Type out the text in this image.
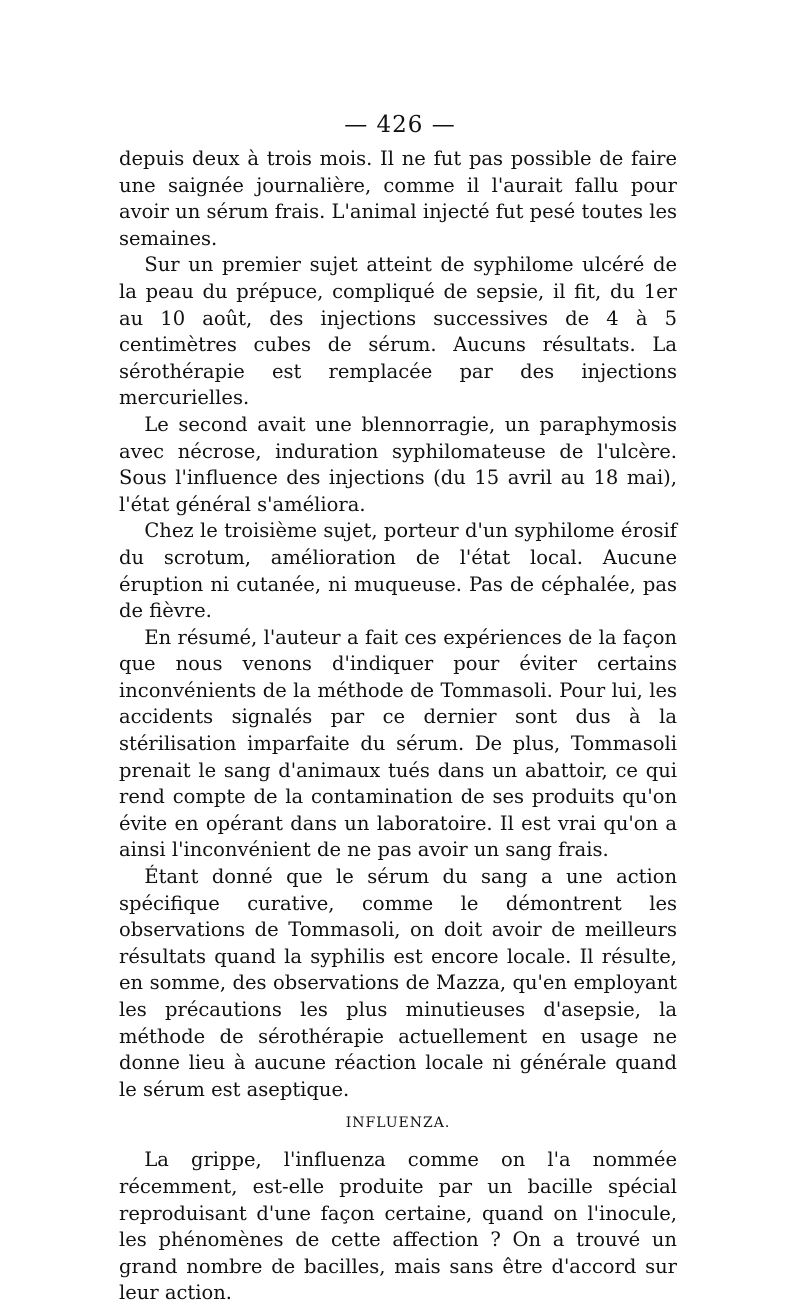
— 426 —

depuis deux à trois mois. Il ne fut pas possible de faire une saignée journalière, comme il l'aurait fallu pour avoir un sérum frais. L'animal injecté fut pesé toutes les semaines.

Sur un premier sujet atteint de syphilome ulcéré de la peau du prépuce, compliqué de sepsie, il fit, du 1er au 10 août, des injections successives de 4 à 5 centimètres cubes de sérum. Aucuns résultats. La sérothérapie est remplacée par des injections mercurielles.

Le second avait une blennorragie, un paraphymosis avec nécrose, induration syphilomateuse de l'ulcère. Sous l'influence des injections (du 15 avril au 18 mai), l'état général s'améliora.

Chez le troisième sujet, porteur d'un syphilome érosif du scrotum, amélioration de l'état local. Aucune éruption ni cutanée, ni muqueuse. Pas de céphalée, pas de fièvre.

En résumé, l'auteur a fait ces expériences de la façon que nous venons d'indiquer pour éviter certains inconvénients de la méthode de Tommasoli. Pour lui, les accidents signalés par ce dernier sont dus à la stérilisation imparfaite du sérum. De plus, Tommasoli prenait le sang d'animaux tués dans un abattoir, ce qui rend compte de la contamination de ses produits qu'on évite en opérant dans un laboratoire. Il est vrai qu'on a ainsi l'inconvénient de ne pas avoir un sang frais.

Étant donné que le sérum du sang a une action spécifique curative, comme le démontrent les observations de Tommasoli, on doit avoir de meilleurs résultats quand la syphilis est encore locale. Il résulte, en somme, des observations de Mazza, qu'en employant les précautions les plus minutieuses d'asepsie, la méthode de sérothérapie actuellement en usage ne donne lieu à aucune réaction locale ni générale quand le sérum est aseptique.

INFLUENZA.

La grippe, l'influenza comme on l'a nommée récemment, est-elle produite par un bacille spécial reproduisant d'une façon certaine, quand on l'inocule, les phénomènes de cette affection ? On a trouvé un grand nombre de bacilles, mais sans être d'accord sur leur action.
